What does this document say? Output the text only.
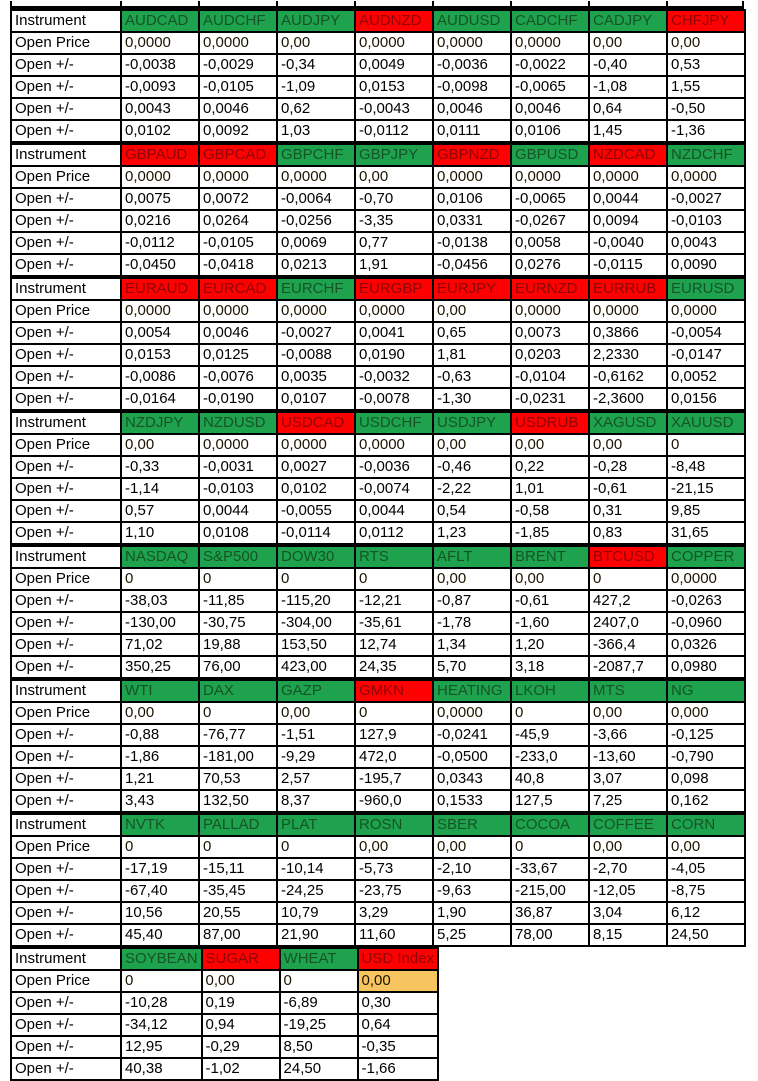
Instrument	AUDCAD	AUDCHF	AUDJPY	AUDNZD	AUDUSD	CADCHF	CADJPY	CHFJPY
Open Price	0,0000	0,0000	0,00	0,0000	0,0000	0,0000	0,00	0,00
Open +/-	-0,0038	-0,0029	-0,34	0,0049	-0,0036	-0,0022	-0,40	0,53
Open +/-	-0,0093	-0,0105	-1,09	0,0153	-0,0098	-0,0065	-1,08	1,55
Open +/-	0,0043	0,0046	0,62	-0,0043	0,0046	0,0046	0,64	-0,50
Open +/-	0,0102	0,0092	1,03	-0,0112	0,0111	0,0106	1,45	-1,36
Instrument	GBPAUD	GBPCAD	GBPCHF	GBPJPY	GBPNZD	GBPUSD	NZDCAD	NZDCHF
Open Price	0,0000	0,0000	0,0000	0,00	0,0000	0,0000	0,0000	0,0000
Open +/-	0,0075	0,0072	-0,0064	-0,70	0,0106	-0,0065	0,0044	-0,0027
Open +/-	0,0216	0,0264	-0,0256	-3,35	0,0331	-0,0267	0,0094	-0,0103
Open +/-	-0,0112	-0,0105	0,0069	0,77	-0,0138	0,0058	-0,0040	0,0043
Open +/-	-0,0450	-0,0418	0,0213	1,91	-0,0456	0,0276	-0,0115	0,0090
Instrument	EURAUD	EURCAD	EURCHF	EURGBP	EURJPY	EURNZD	EURRUB	EURUSD
Open Price	0,0000	0,0000	0,0000	0,0000	0,00	0,0000	0,0000	0,0000
Open +/-	0,0054	0,0046	-0,0027	0,0041	0,65	0,0073	0,3866	-0,0054
Open +/-	0,0153	0,0125	-0,0088	0,0190	1,81	0,0203	2,2330	-0,0147
Open +/-	-0,0086	-0,0076	0,0035	-0,0032	-0,63	-0,0104	-0,6162	0,0052
Open +/-	-0,0164	-0,0190	0,0107	-0,0078	-1,30	-0,0231	-2,3600	0,0156
Instrument	NZDJPY	NZDUSD	USDCAD	USDCHF	USDJPY	USDRUB	XAGUSD	XAUUSD
Open Price	0,00	0,0000	0,0000	0,0000	0,00	0,00	0,00	0
Open +/-	-0,33	-0,0031	0,0027	-0,0036	-0,46	0,22	-0,28	-8,48
Open +/-	-1,14	-0,0103	0,0102	-0,0074	-2,22	1,01	-0,61	-21,15
Open +/-	0,57	0,0044	-0,0055	0,0044	0,54	-0,58	0,31	9,85
Open +/-	1,10	0,0108	-0,0114	0,0112	1,23	-1,85	0,83	31,65
Instrument	NASDAQ	S&P500	DOW30	RTS	AFLT	BRENT	BTCUSD	COPPER
Open Price	0	0	0	0	0,00	0,00	0	0,0000
Open +/-	-38,03	-11,85	-115,20	-12,21	-0,87	-0,61	427,2	-0,0263
Open +/-	-130,00	-30,75	-304,00	-35,61	-1,78	-1,60	2407,0	-0,0960
Open +/-	71,02	19,88	153,50	12,74	1,34	1,20	-366,4	0,0326
Open +/-	350,25	76,00	423,00	24,35	5,70	3,18	-2087,7	0,0980
Instrument	WTI	DAX	GAZP	GMKN	HEATING	LKOH	MTS	NG
Open Price	0,00	0	0,00	0	0,0000	0	0,00	0,000
Open +/-	-0,88	-76,77	-1,51	127,9	-0,0241	-45,9	-3,66	-0,125
Open +/-	-1,86	-181,00	-9,29	472,0	-0,0500	-233,0	-13,60	-0,790
Open +/-	1,21	70,53	2,57	-195,7	0,0343	40,8	3,07	0,098
Open +/-	3,43	132,50	8,37	-960,0	0,1533	127,5	7,25	0,162
Instrument	NVTK	PALLAD	PLAT	ROSN	SBER	COCOA	COFFEE	CORN
Open Price	0	0	0	0,00	0,00	0	0,00	0,00
Open +/-	-17,19	-15,11	-10,14	-5,73	-2,10	-33,67	-2,70	-4,05
Open +/-	-67,40	-35,45	-24,25	-23,75	-9,63	-215,00	-12,05	-8,75
Open +/-	10,56	20,55	10,79	3,29	1,90	36,87	3,04	6,12
Open +/-	45,40	87,00	21,90	11,60	5,25	78,00	8,15	24,50
Instrument	SOYBEAN	SUGAR	WHEAT	USD Index
Open Price	0	0,00	0	0,00
Open +/-	-10,28	0,19	-6,89	0,30
Open +/-	-34,12	0,94	-19,25	0,64
Open +/-	12,95	-0,29	8,50	-0,35
Open +/-	40,38	-1,02	24,50	-1,66
